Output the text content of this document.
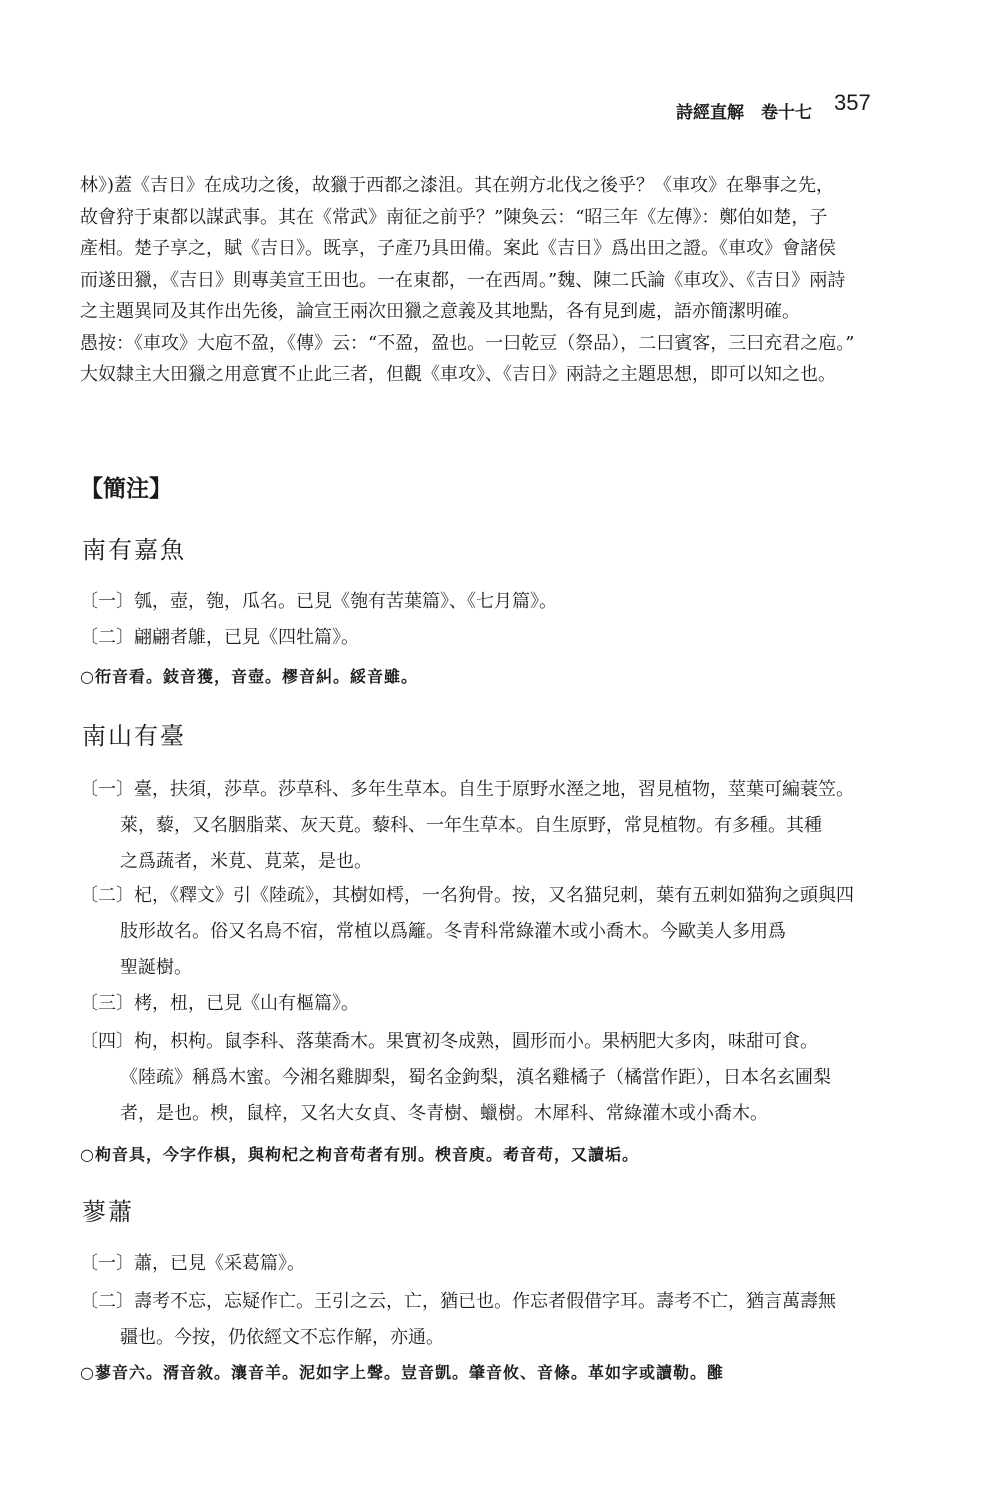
詩經直解　卷十七 357
林》)蓋《吉日》在成功之後，故獵于西都之漆沮。其在朔方北伐之後乎？《車攻》在舉事之先，
故會狩于東都以謀武事。其在《常武》南征之前乎？”陳奐云：“昭三年《左傳》：鄭伯如楚，子
產相。楚子享之，賦《吉日》。既享，子產乃具田備。案此《吉日》爲出田之證。《車攻》會諸侯
而遂田獵，《吉日》則專美宣王田也。一在東都，一在西周。”魏、陳二氏論《車攻》、《吉日》兩詩
之主題異同及其作出先後，論宣王兩次田獵之意義及其地點，各有見到處，語亦簡潔明確。
愚按：《車攻》大庖不盈，《傳》云：“不盈，盈也。一曰乾豆（祭品），二曰賓客，三曰充君之庖。”
大奴隸主大田獵之用意實不止此三者，但觀《車攻》、《吉日》兩詩之主題思想，即可以知之也。
【簡注】
南有嘉魚
〔一〕瓠，壺，匏，瓜名。已見《匏有苦葉篇》、《七月篇》。
〔二〕翩翩者鵻，已見《四牡篇》。
○衎音看。鈘音獲，音壺。樛音糾。綏音雖。
南山有臺
〔一〕臺，扶須，莎草。莎草科、多年生草本。自生于原野水溼之地，習見植物，莖葉可編蓑笠。
萊，藜，又名胭脂菜、灰天莧。藜科、一年生草本。自生原野，常見植物。有多種。其種
之爲蔬者，米莧、莧菜，是也。
〔二〕杞，《釋文》引《陸疏》，其樹如樗，一名狗骨。按，又名猫兒刺，葉有五刺如猫狗之頭與四
肢形故名。俗又名鳥不宿，常植以爲籬。冬青科常綠灌木或小喬木。今歐美人多用爲
聖誕樹。
〔三〕栲，杻，已見《山有樞篇》。
〔四〕枸，枳枸。鼠李科、落葉喬木。果實初冬成熟，圓形而小。果柄肥大多肉，味甜可食。
《陸疏》稱爲木蜜。今湘名雞脚梨，蜀名金鉤梨，滇名雞橘子（橘當作距），日本名玄圃梨
者，是也。楰，鼠梓，又名大女貞、冬青樹、蠟樹。木犀科、常綠灌木或小喬木。
○枸音具，今字作椇，與枸杞之枸音苟者有別。楰音庾。耇音苟，又讀垢。
蓼蕭
〔一〕蕭，已見《采葛篇》。
〔二〕壽考不忘，忘疑作亡。王引之云，亡，猶已也。作忘者假借字耳。壽考不亡，猶言萬壽無
疆也。今按，仍依經文不忘作解，亦通。
○蓼音六。湑音敘。瀼音羊。泥如字上聲。豈音凱。肇音攸、音條。革如字或讀勒。雝
